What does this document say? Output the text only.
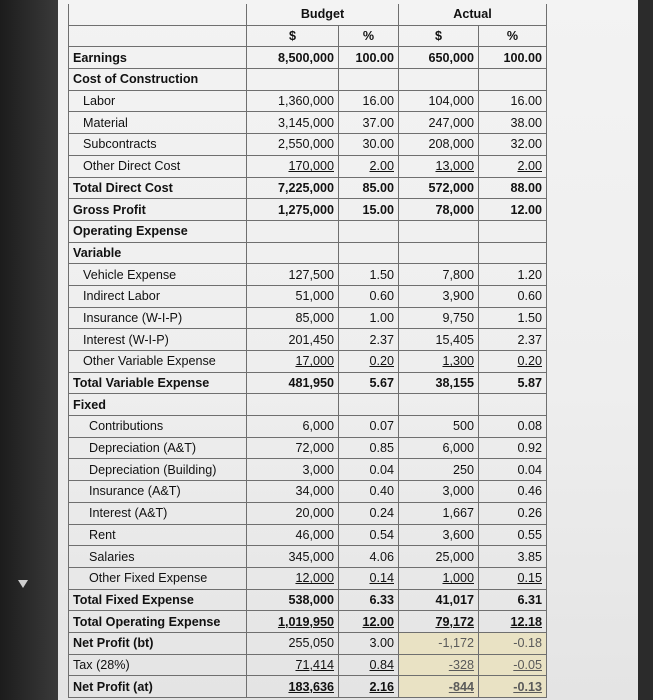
	Budget		Actual
	$	%	$	%
Earnings	8,500,000	100.00	650,000	100.00
Cost of Construction				
Labor	1,360,000	16.00	104,000	16.00
Material	3,145,000	37.00	247,000	38.00
Subcontracts	2,550,000	30.00	208,000	32.00
Other Direct Cost	170,000	2.00	13,000	2.00
Total Direct Cost	7,225,000	85.00	572,000	88.00
Gross Profit	1,275,000	15.00	78,000	12.00
Operating Expense				
Variable				
Vehicle Expense	127,500	1.50	7,800	1.20
Indirect Labor	51,000	0.60	3,900	0.60
Insurance (W-I-P)	85,000	1.00	9,750	1.50
Interest (W-I-P)	201,450	2.37	15,405	2.37
Other Variable Expense	17,000	0.20	1,300	0.20
Total Variable Expense	481,950	5.67	38,155	5.87
Fixed				
Contributions	6,000	0.07	500	0.08
Depreciation (A&T)	72,000	0.85	6,000	0.92
Depreciation (Building)	3,000	0.04	250	0.04
Insurance (A&T)	34,000	0.40	3,000	0.46
Interest (A&T)	20,000	0.24	1,667	0.26
Rent	46,000	0.54	3,600	0.55
Salaries	345,000	4.06	25,000	3.85
Other Fixed Expense	12,000	0.14	1,000	0.15
Total Fixed Expense	538,000	6.33	41,017	6.31
Total Operating Expense	1,019,950	12.00	79,172	12.18
Net Profit (bt)	255,050	3.00	-1,172	-0.18
Tax (28%)	71,414	0.84	-328	-0.05
Net Profit (at)	183,636	2.16	-844	-0.13
